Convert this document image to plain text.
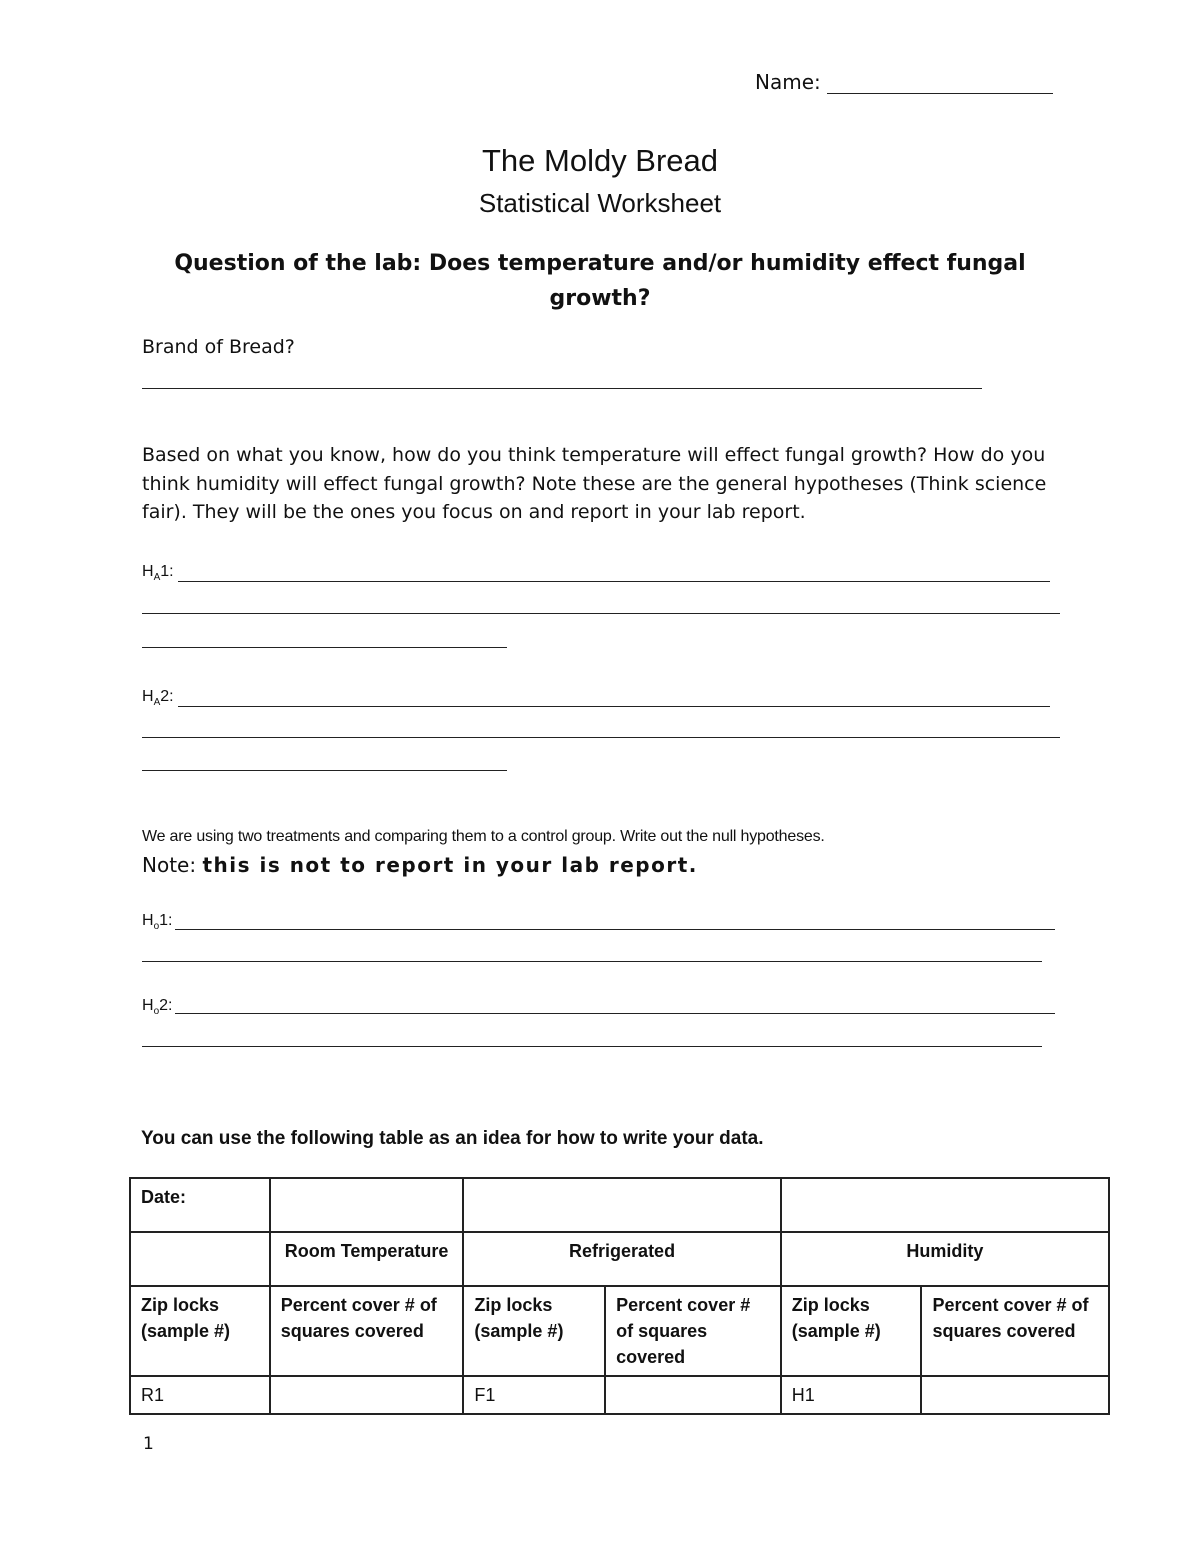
Name:
The Moldy Bread
Statistical Worksheet
Question of the lab: Does temperature and/or humidity effect fungal growth?
Brand of Bread?
Based on what you know, how do you think temperature will effect fungal growth? How do you think humidity will effect fungal growth? Note these are the general hypotheses (Think science fair). They will be the ones you focus on and report in your lab report.
$H_A1$:
$H_A2$:
We are using two treatments and comparing them to a control group. Write out the null hypotheses.
Note: this is not to report in your lab report.
$H_o1$:
$H_o2$:
You can use the following table as an idea for how to write your data.
Date:					
	Room Temperature	Refrigerated		Humidity	
Zip locks (sample #)	Percent cover # of squares covered	Zip locks (sample #)	Percent cover # of squares covered	Zip locks (sample #)	Percent cover # of squares covered
R1		F1		H1	
1
